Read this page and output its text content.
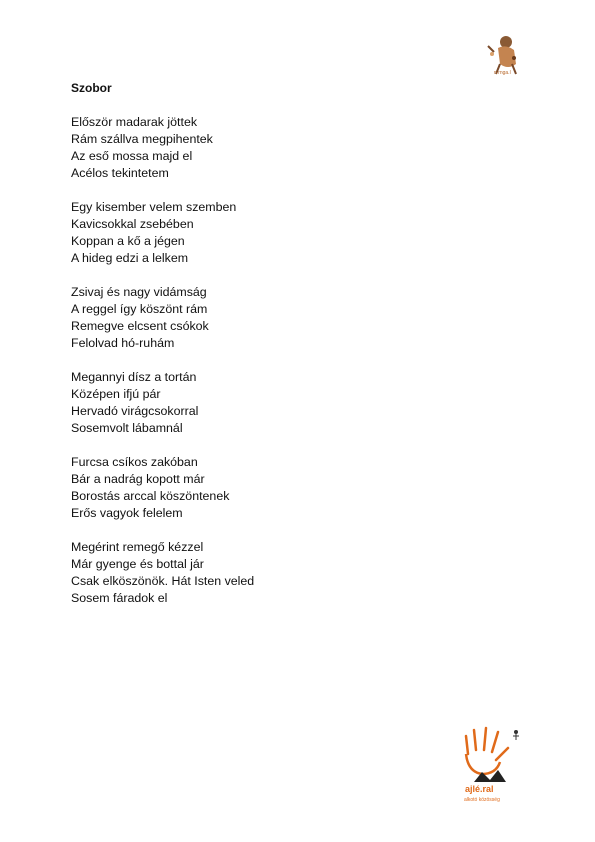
n rnga.l
Szobor
Először madarak jöttek
Rám szállva megpihentek
Az eső mossa majd el
Acélos tekintetem
Egy kisember velem szemben
Kavicsokkal zsebében
Koppan a kő a jégen
A hideg edzi a lelkem
Zsivaj és nagy vidámság
A reggel így köszönt rám
Remegve elcsent csókok
Felolvad hó-ruhám
Megannyi dísz a tortán
Középen ifjú pár
Hervadó virágcsokorral
Sosemvolt lábamnál
Furcsa csíkos zakóban
Bár a nadrág kopott már
Borostás arccal köszöntenek
Erős vagyok felelem
Megérint remegő kézzel
Már gyenge és bottal jár
Csak elköszönök. Hát Isten veled
Sosem fáradok el
ajlé.ral
alkotó közösség
